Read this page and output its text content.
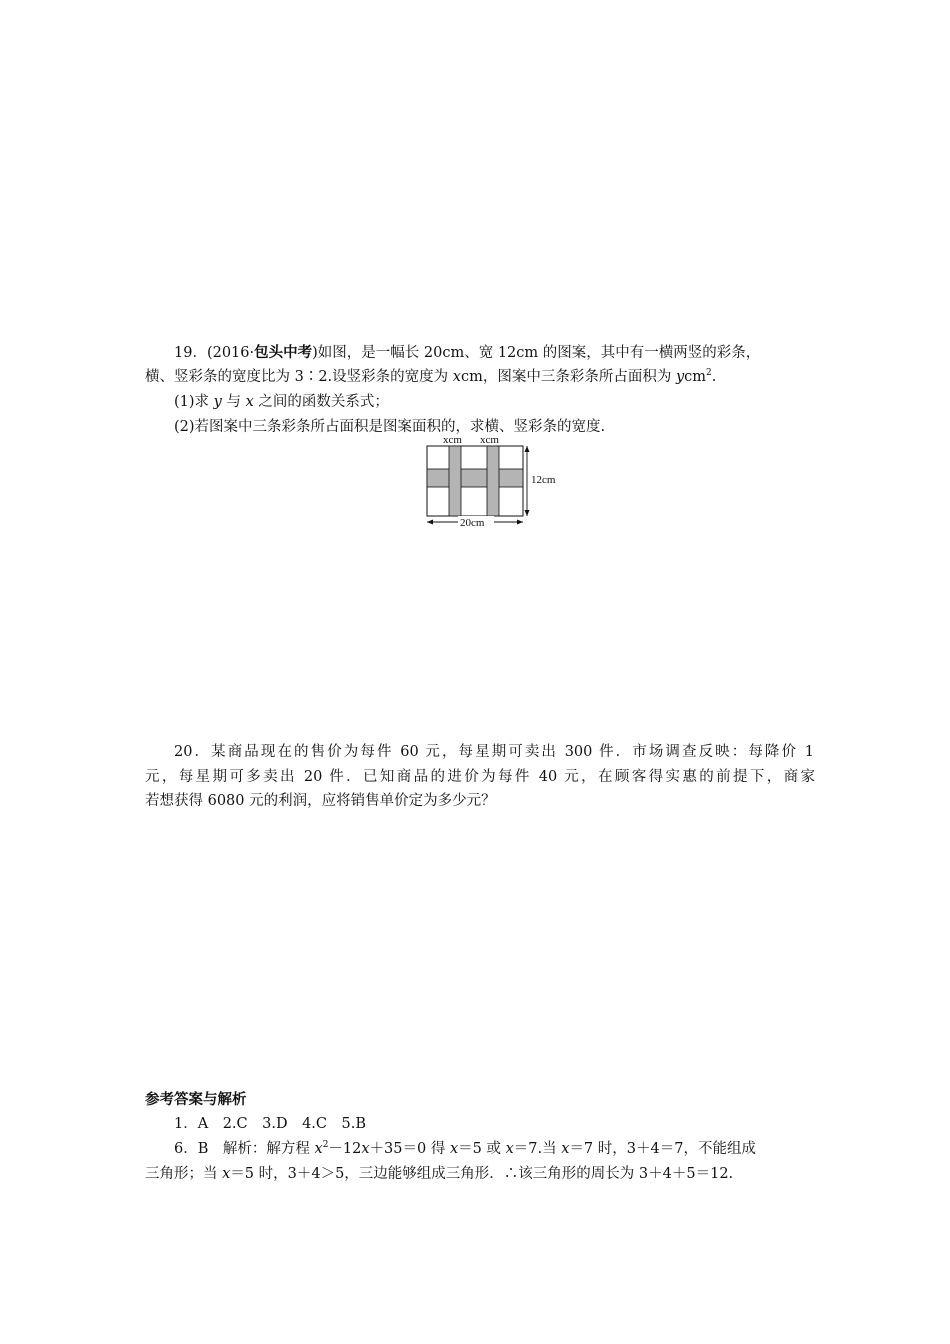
19．(2016·包头中考)如图，是一幅长 20cm、宽 12cm 的图案，其中有一横两竖的彩条，
横、竖彩条的宽度比为 3∶2.设竖彩条的宽度为 xcm，图案中三条彩条所占面积为 ycm$^2$.
(1)求 y 与 x 之间的函数关系式；
(2)若图案中三条彩条所占面积是图案面积的，求横、竖彩条的宽度.
xcm xcm
12cm
20cm
20．某商品现在的售价为每件 60 元，每星期可卖出 300 件．市场调查反映：每降价 1
元，每星期可多卖出 20 件．已知商品的进价为每件 40 元，在顾客得实惠的前提下，商家
若想获得 6080 元的利润，应将销售单价定为多少元？
参考答案与解析
1．A　2.C　3.D　4.C　5.B
6．B　解析：解方程 $x^2-12x+35=0$ 得 x＝5 或 x＝7.当 x＝7 时，3＋4＝7，不能组成
三角形；当 x＝5 时，3＋4＞5，三边能够组成三角形．∴该三角形的周长为 3＋4＋5＝12.
